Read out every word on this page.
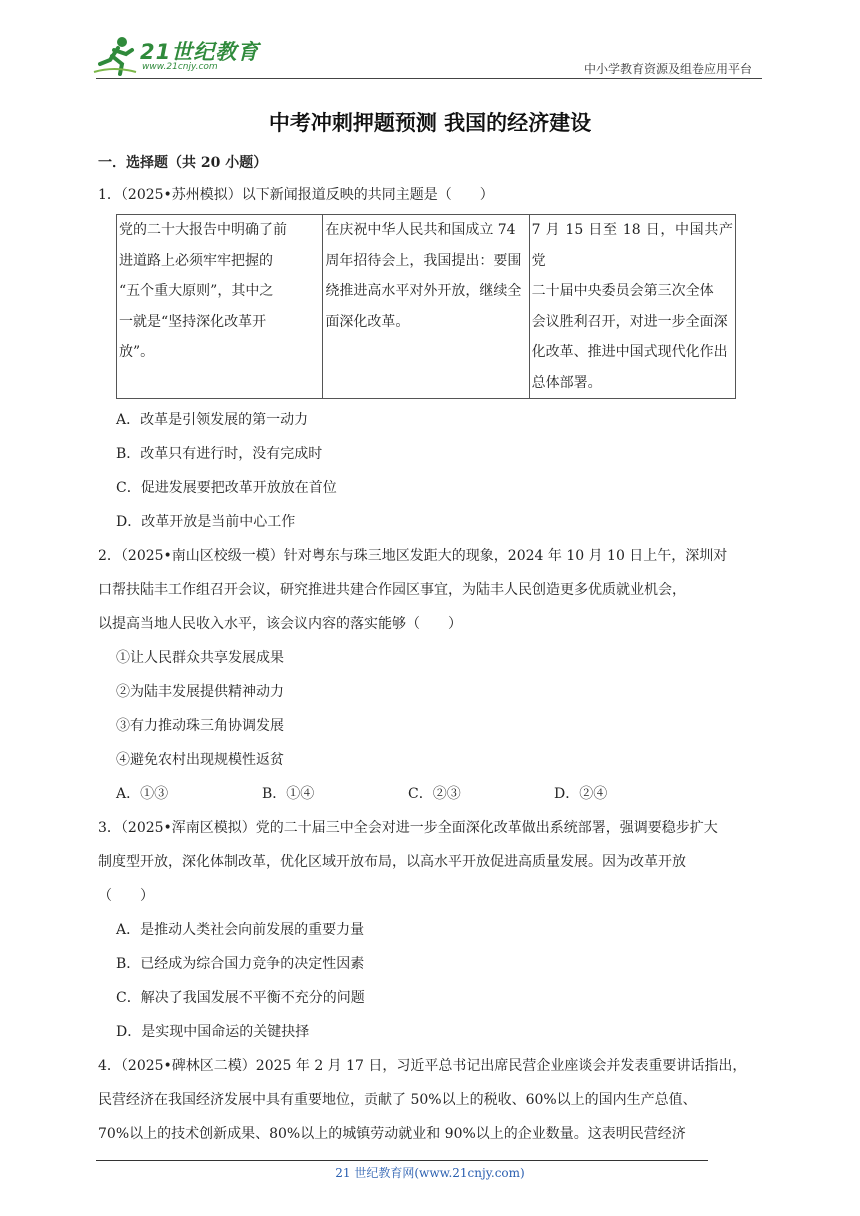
21世纪教育
www.21cnjy.com	中小学教育资源及组卷应用平台
中考冲刺押题预测 我国的经济建设
一．选择题（共 20 小题）
1．（2025•苏州模拟）以下新闻报道反映的共同主题是（　　）
党的二十大报告中明确了前
进道路上必须牢牢把握的
“五个重大原则”，其中之
一就是“坚持深化改革开
放”。

在庆祝中华人民共和国成立 74
周年招待会上，我国提出：要围
绕推进高水平对外开放，继续全
面深化改革。

7 月 15 日至 18 日，中国共产党
二十届中央委员会第三次全体
会议胜利召开，对进一步全面深
化改革、推进中国式现代化作出
总体部署。
A．改革是引领发展的第一动力
B．改革只有进行时，没有完成时
C．促进发展要把改革开放放在首位
D．改革开放是当前中心工作
2．（2025•南山区校级一模）针对粤东与珠三地区发距大的现象，2024 年 10 月 10 日上午，深圳对
口帮扶陆丰工作组召开会议，研究推进共建合作园区事宜，为陆丰人民创造更多优质就业机会，
以提高当地人民收入水平，该会议内容的落实能够（　　）
①让人民群众共享发展成果
②为陆丰发展提供精神动力
③有力推动珠三角协调发展
④避免农村出现规模性返贫
A．①③	B．①④	C．②③	D．②④
3．（2025•浑南区模拟）党的二十届三中全会对进一步全面深化改革做出系统部署，强调要稳步扩大
制度型开放，深化体制改革，优化区域开放布局，以高水平开放促进高质量发展。因为改革开放
（　　）
A．是推动人类社会向前发展的重要力量
B．已经成为综合国力竞争的决定性因素
C．解决了我国发展不平衡不充分的问题
D．是实现中国命运的关键抉择
4．（2025•碑林区二模）2025 年 2 月 17 日，习近平总书记出席民营企业座谈会并发表重要讲话指出，
民营经济在我国经济发展中具有重要地位，贡献了 50%以上的税收、60%以上的国内生产总值、
70%以上的技术创新成果、80%以上的城镇劳动就业和 90%以上的企业数量。这表明民营经济
21 世纪教育网(www.21cnjy.com)
